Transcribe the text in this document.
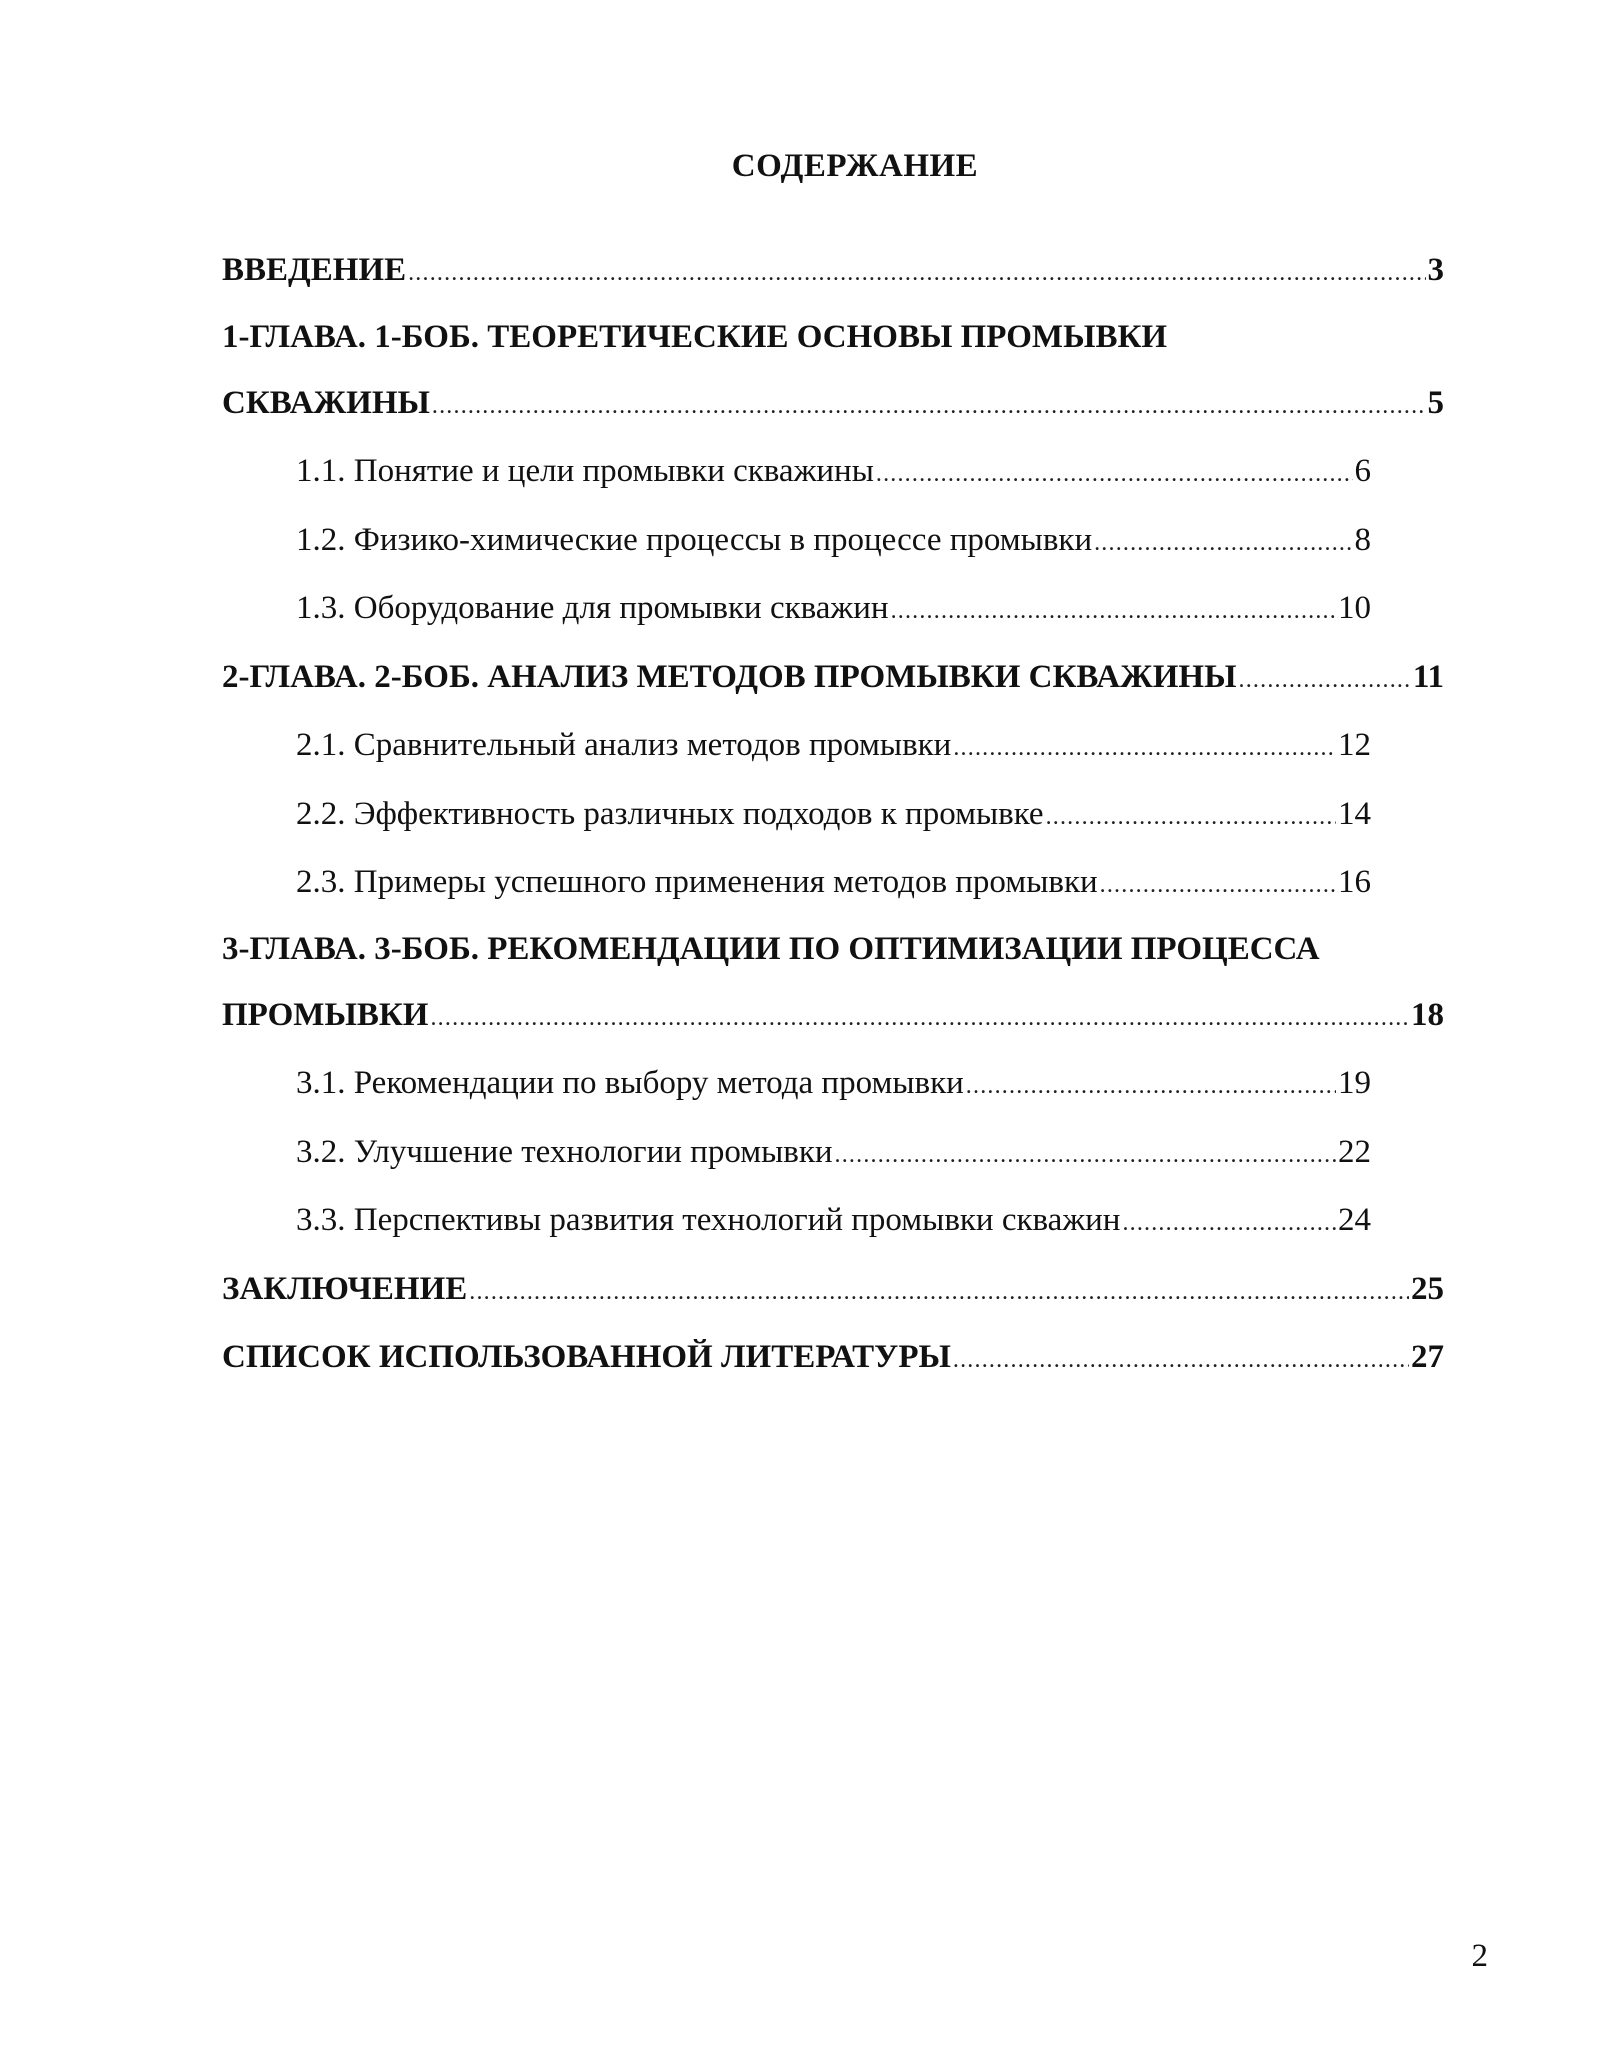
СОДЕРЖАНИЕ
ВВЕДЕНИЕ .....	3
1-ГЛАВА. 1-БОБ. ТЕОРЕТИЧЕСКИЕ ОСНОВЫ ПРОМЫВКИ
СКВАЖИНЫ .....	5
1.1. Понятие и цели промывки скважины .....	6
1.2. Физико-химические процессы в процессе промывки .....	8
1.3. Оборудование для промывки скважин .....	10
2-ГЛАВА. 2-БОБ. АНАЛИЗ МЕТОДОВ ПРОМЫВКИ СКВАЖИНЫ .....	11
2.1. Сравнительный анализ методов промывки .....	12
2.2. Эффективность различных подходов к промывке .....	14
2.3. Примеры успешного применения методов промывки .....	16
3-ГЛАВА. 3-БОБ. РЕКОМЕНДАЦИИ ПО ОПТИМИЗАЦИИ ПРОЦЕССА
ПРОМЫВКИ .....	18
3.1. Рекомендации по выбору метода промывки .....	19
3.2. Улучшение технологии промывки .....	22
3.3. Перспективы развития технологий промывки скважин .....	24
ЗАКЛЮЧЕНИЕ .....	25
СПИСОК ИСПОЛЬЗОВАННОЙ ЛИТЕРАТУРЫ .....	27
2
